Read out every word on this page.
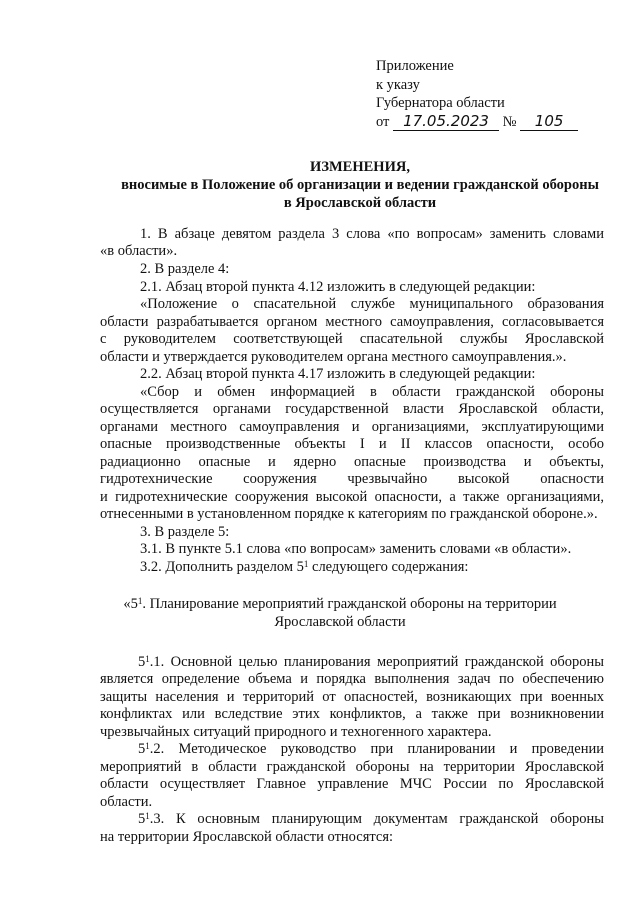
Приложение
к указу
Губернатора области
от 17.05.2023 № 105
ИЗМЕНЕНИЯ,
вносимые в Положение об организации и ведении гражданской обороны
в Ярославской области
1. В абзаце девятом раздела 3 слова «по вопросам» заменить словами
«в области».
2. В разделе 4:
2.1. Абзац второй пункта 4.12 изложить в следующей редакции:
«Положение о спасательной службе муниципального образования
области разрабатывается органом местного самоуправления, согласовывается
с руководителем соответствующей спасательной службы Ярославской
области и утверждается руководителем органа местного самоуправления.».
2.2. Абзац второй пункта 4.17 изложить в следующей редакции:
«Сбор и обмен информацией в области гражданской обороны
осуществляется органами государственной власти Ярославской области,
органами местного самоуправления и организациями, эксплуатирующими
опасные производственные объекты I и II классов опасности, особо
радиационно опасные и ядерно опасные производства и объекты,
гидротехнические сооружения чрезвычайно высокой опасности
и гидротехнические сооружения высокой опасности, а также организациями,
отнесенными в установленном порядке к категориям по гражданской обороне.».
3. В разделе 5:
3.1. В пункте 5.1 слова «по вопросам» заменить словами «в области».
3.2. Дополнить разделом $5^1$ следующего содержания:
«$5^1$. Планирование мероприятий гражданской обороны на территории
Ярославской области
$5^1.1$. Основной целью планирования мероприятий гражданской обороны
является определение объема и порядка выполнения задач по обеспечению
защиты населения и территорий от опасностей, возникающих при военных
конфликтах или вследствие этих конфликтов, а также при возникновении
чрезвычайных ситуаций природного и техногенного характера.
$5^1.2$. Методическое руководство при планировании и проведении
мероприятий в области гражданской обороны на территории Ярославской
области осуществляет Главное управление МЧС России по Ярославской
области.
$5^1.3$. К основным планирующим документам гражданской обороны
на территории Ярославской области относятся:
